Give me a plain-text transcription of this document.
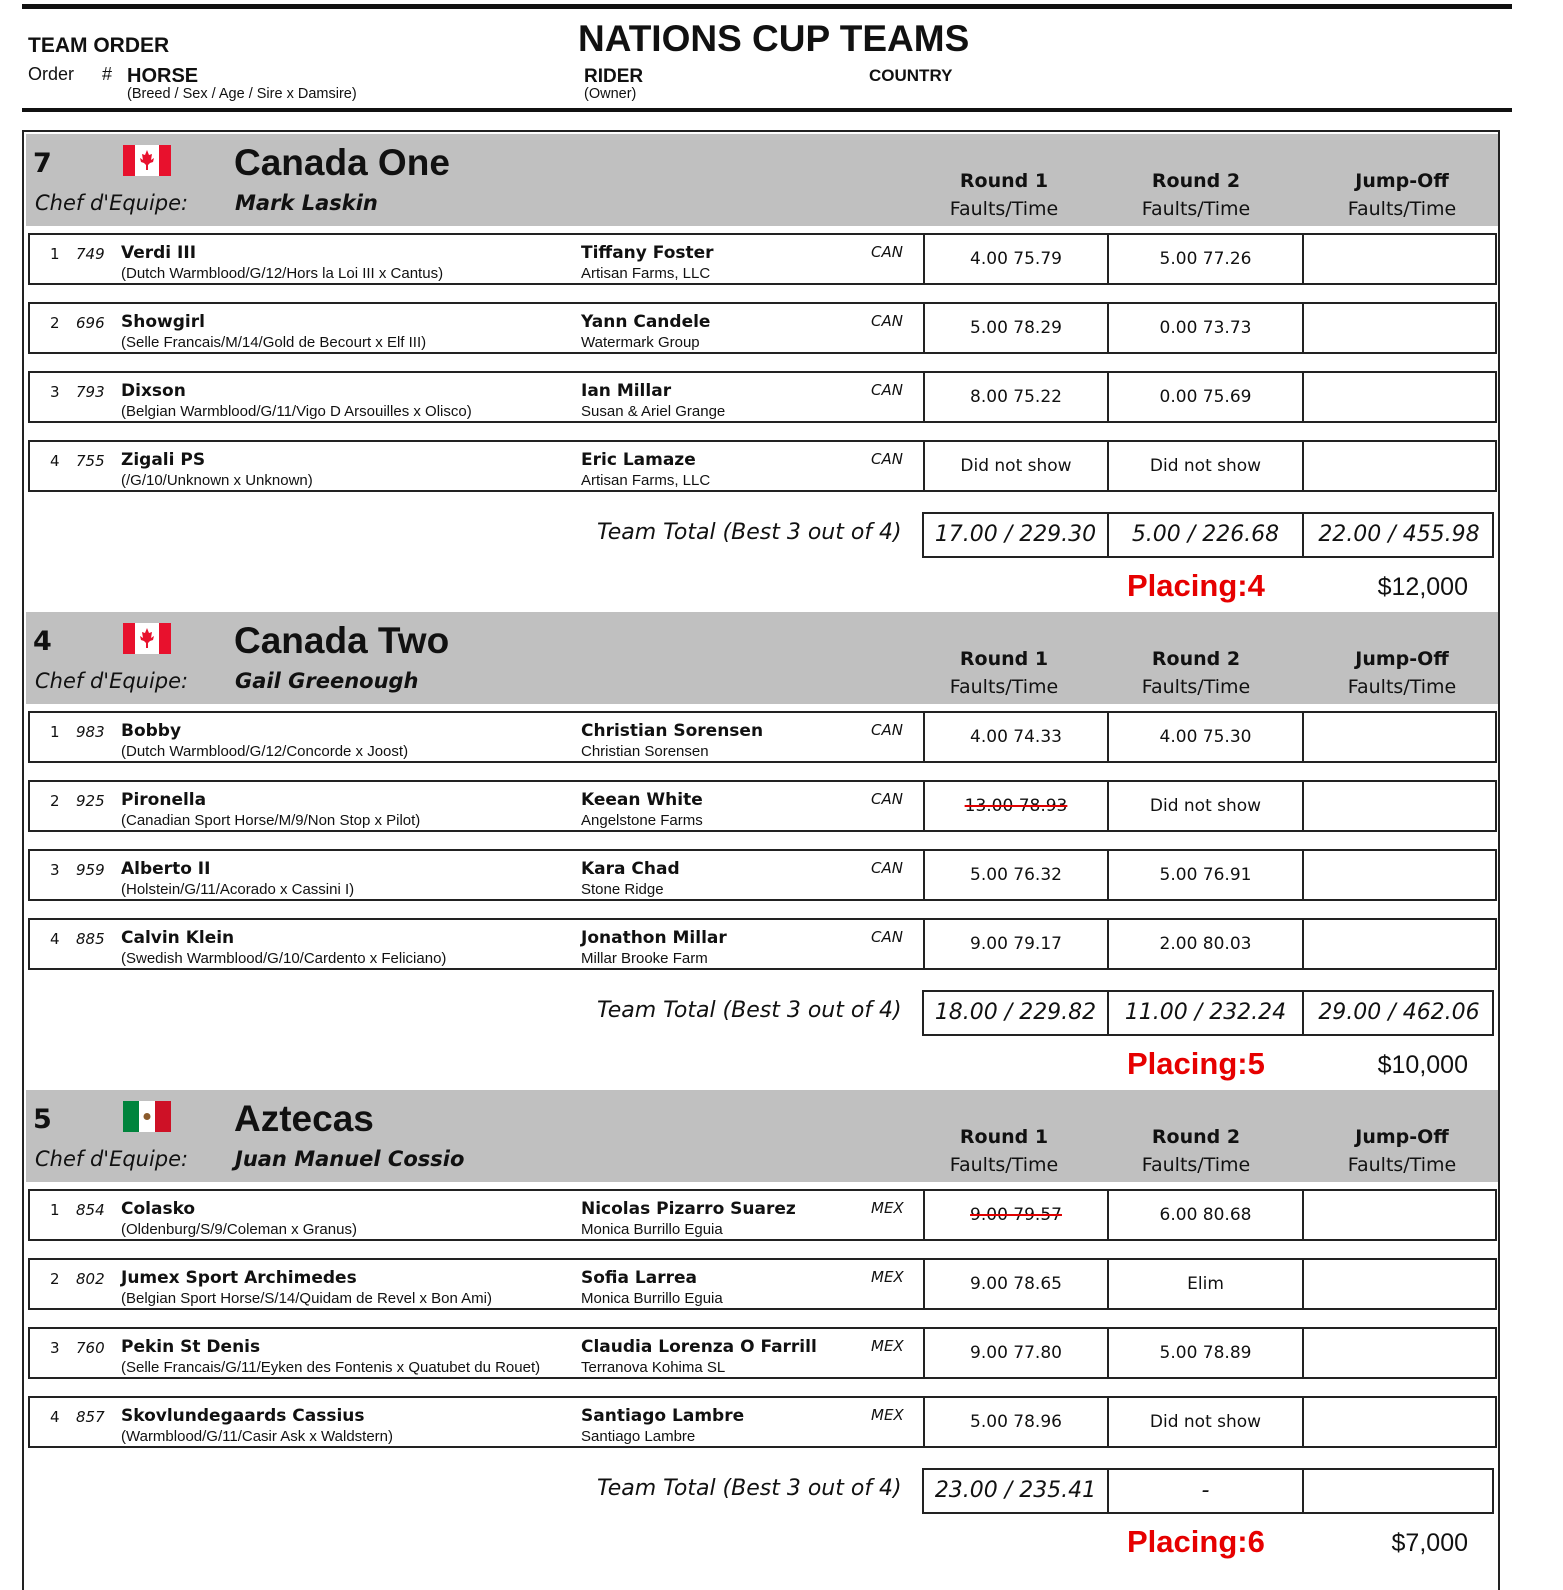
TEAM ORDER
Order # HORSE
(Breed / Sex / Age / Sire x Damsire)
NATIONS CUP TEAMS
RIDER
(Owner)
COUNTRY
7	Canada One
Chef d'Equipe: Mark Laskin
Round 1
Faults/Time
Round 2
Faults/Time
Jump-Off
Faults/Time
1 749 Verdi III
(Dutch Warmblood/G/12/Hors la Loi III x Cantus)
Tiffany Foster
Artisan Farms, LLC
CAN	4.00 75.79	5.00 77.26
2 696 Showgirl
(Selle Francais/M/14/Gold de Becourt x Elf III)
Yann Candele
Watermark Group
CAN	5.00 78.29	0.00 73.73
3 793 Dixson
(Belgian Warmblood/G/11/Vigo D Arsouilles x Olisco)
Ian Millar
Susan & Ariel Grange
CAN	8.00 75.22	0.00 75.69
4 755 Zigali PS
(/G/10/Unknown x Unknown)
Eric Lamaze
Artisan Farms, LLC
CAN	Did not show	Did not show
Team Total (Best 3 out of 4)	17.00 / 229.30	5.00 / 226.68	22.00 / 455.98
Placing:4	$12,000
4	Canada Two
Chef d'Equipe: Gail Greenough
Round 1
Faults/Time
Round 2
Faults/Time
Jump-Off
Faults/Time
1 983 Bobby
(Dutch Warmblood/G/12/Concorde x Joost)
Christian Sorensen
Christian Sorensen
CAN	4.00 74.33	4.00 75.30
2 925 Pironella
(Canadian Sport Horse/M/9/Non Stop x Pilot)
Keean White
Angelstone Farms
CAN	13.00 78.93	Did not show
3 959 Alberto II
(Holstein/G/11/Acorado x Cassini I)
Kara Chad
Stone Ridge
CAN	5.00 76.32	5.00 76.91
4 885 Calvin Klein
(Swedish Warmblood/G/10/Cardento x Feliciano)
Jonathon Millar
Millar Brooke Farm
CAN	9.00 79.17	2.00 80.03
Team Total (Best 3 out of 4)	18.00 / 229.82	11.00 / 232.24	29.00 / 462.06
Placing:5	$10,000
5	Aztecas
Chef d'Equipe: Juan Manuel Cossio
Round 1
Faults/Time
Round 2
Faults/Time
Jump-Off
Faults/Time
1 854 Colasko
(Oldenburg/S/9/Coleman x Granus)
Nicolas Pizarro Suarez
Monica Burrillo Eguia
MEX	9.00 79.57	6.00 80.68
2 802 Jumex Sport Archimedes
(Belgian Sport Horse/S/14/Quidam de Revel x Bon Ami)
Sofia Larrea
Monica Burrillo Eguia
MEX	9.00 78.65	Elim
3 760 Pekin St Denis
(Selle Francais/G/11/Eyken des Fontenis x Quatubet du Rouet)
Claudia Lorenza O Farrill
Terranova Kohima SL
MEX	9.00 77.80	5.00 78.89
4 857 Skovlundegaards Cassius
(Warmblood/G/11/Casir Ask x Waldstern)
Santiago Lambre
Santiago Lambre
MEX	5.00 78.96	Did not show
Team Total (Best 3 out of 4)	23.00 / 235.41	-
Placing:6	$7,000
